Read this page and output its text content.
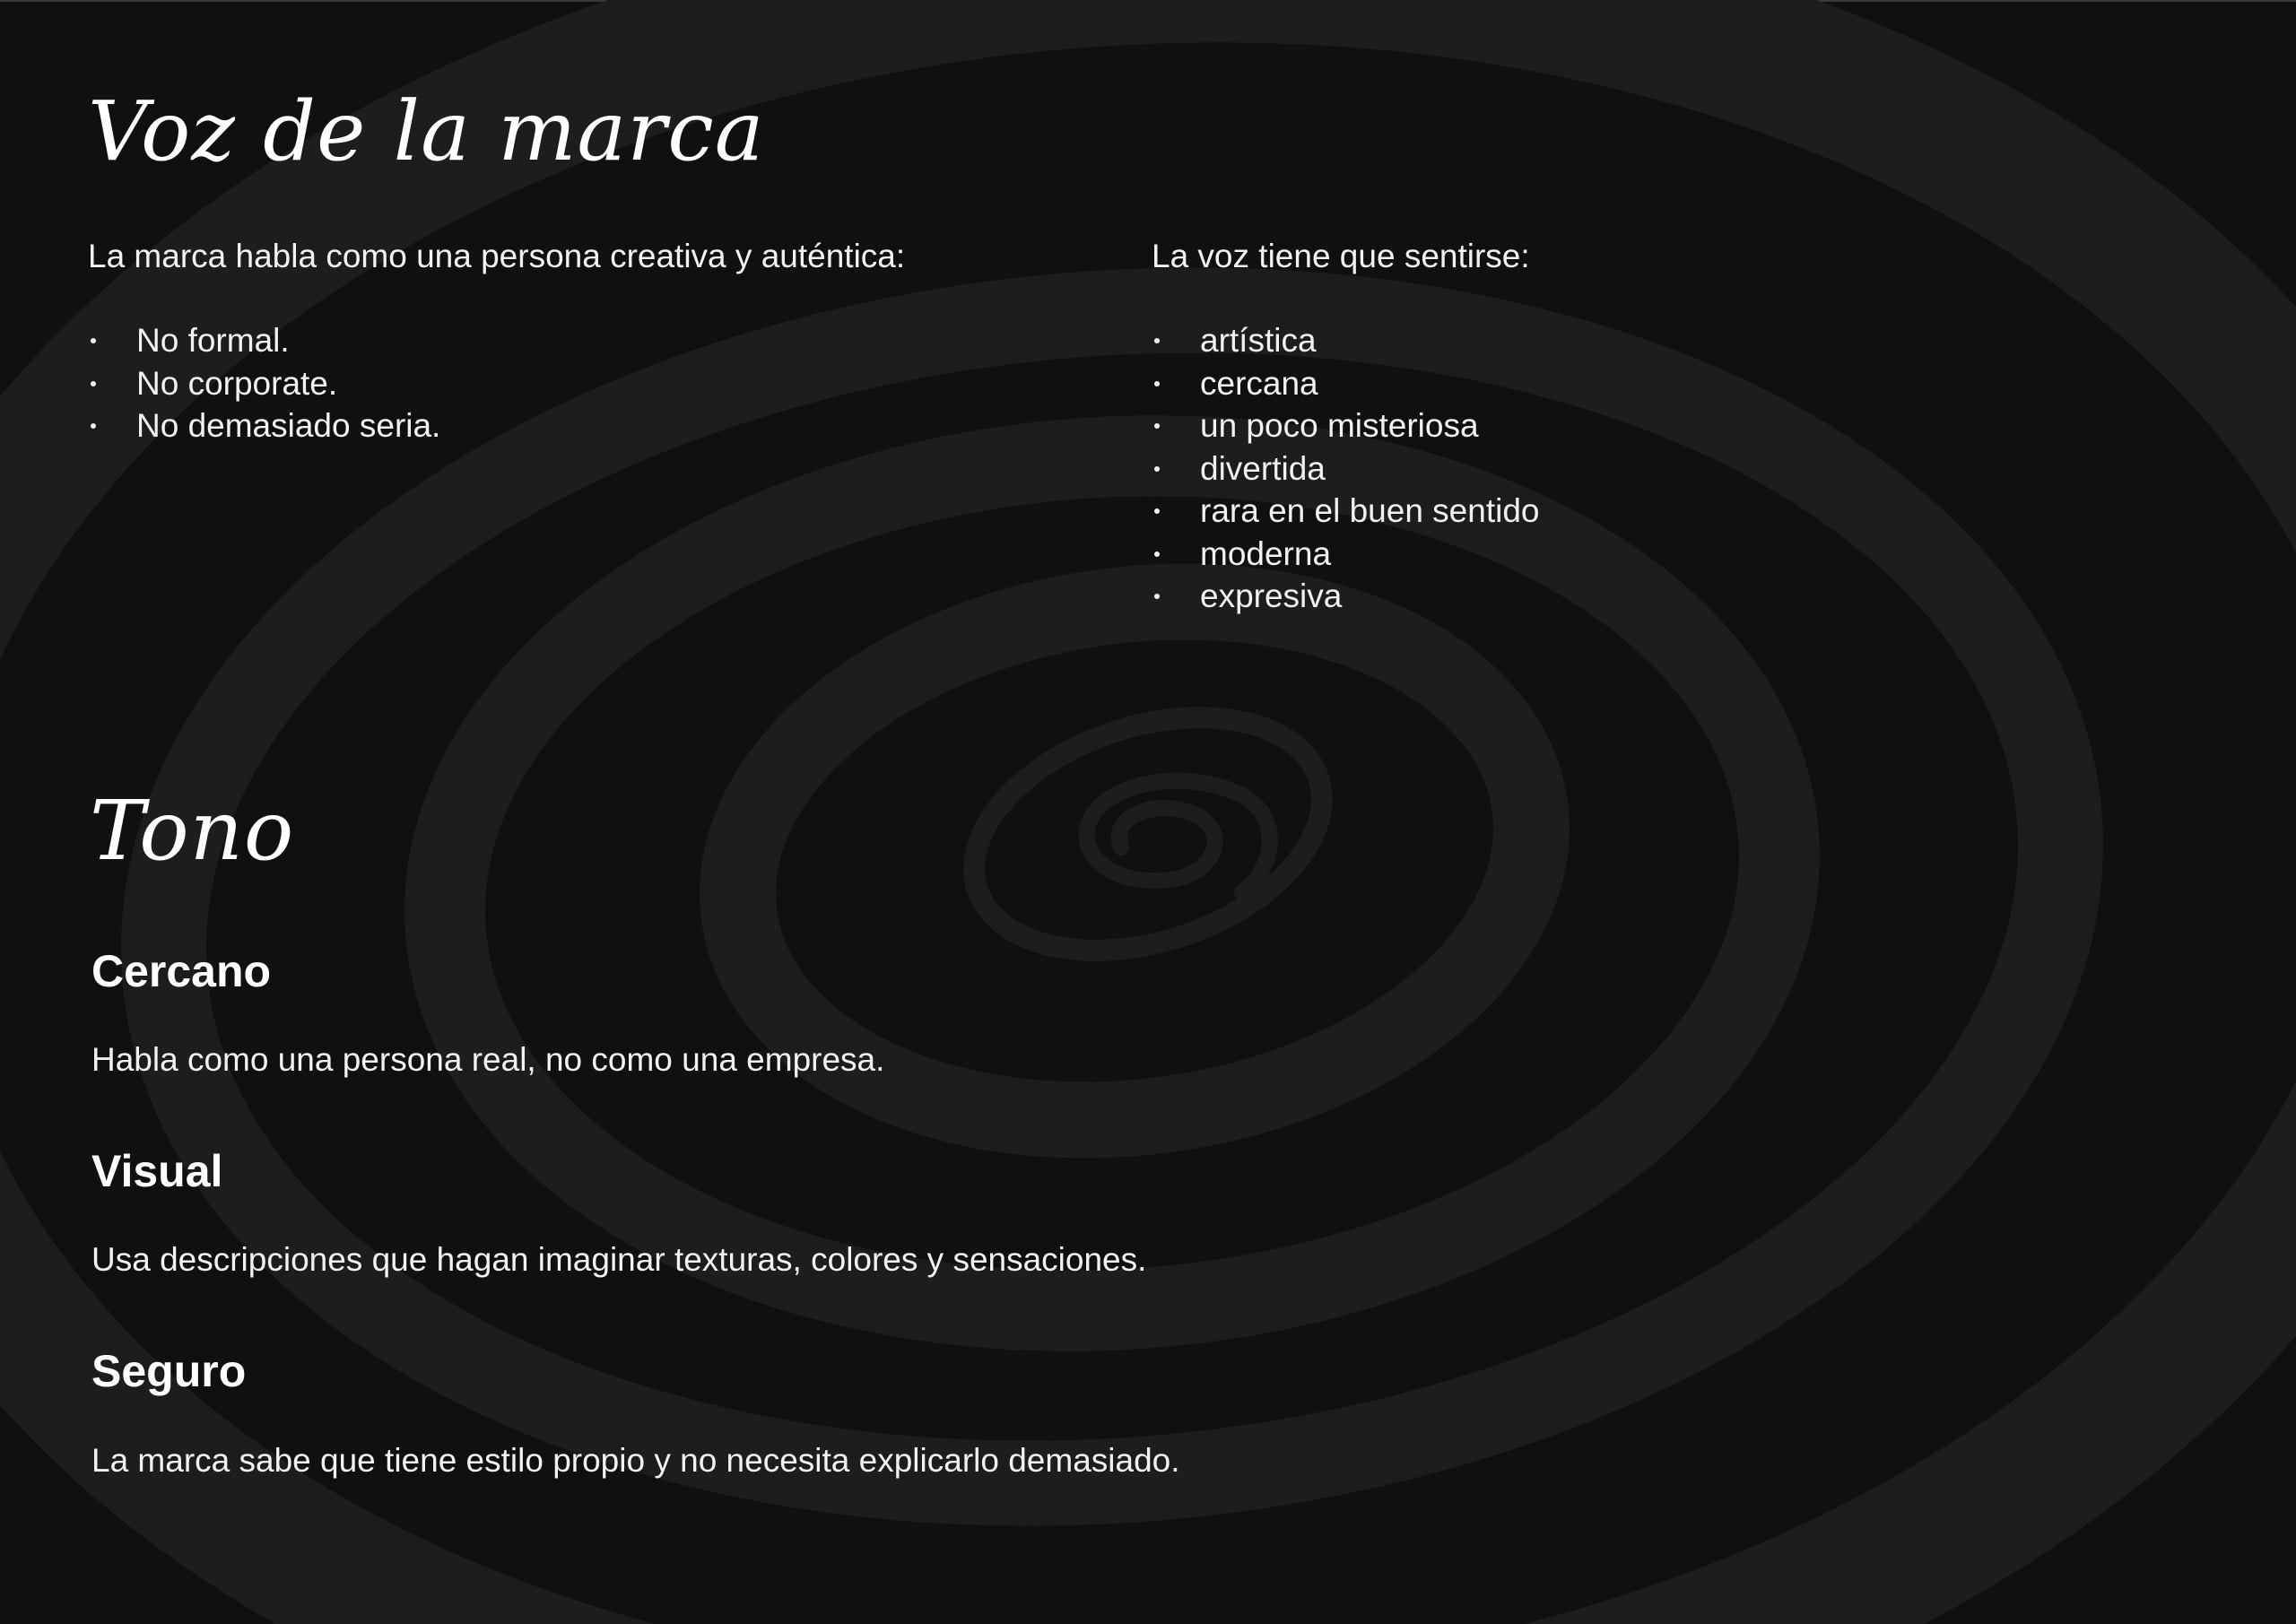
Voz de la marca

La marca habla como una persona creativa y auténtica:

No formal.
No corporate.
No demasiado seria.

La voz tiene que sentirse:

artística
cercana
un poco misteriosa
divertida
rara en el buen sentido
moderna
expresiva
Tono
Cercano

Habla como una persona real, no como una empresa.

Visual

Usa descripciones que hagan imaginar texturas, colores y sensaciones.

Seguro

La marca sabe que tiene estilo propio y no necesita explicarlo demasiado.
